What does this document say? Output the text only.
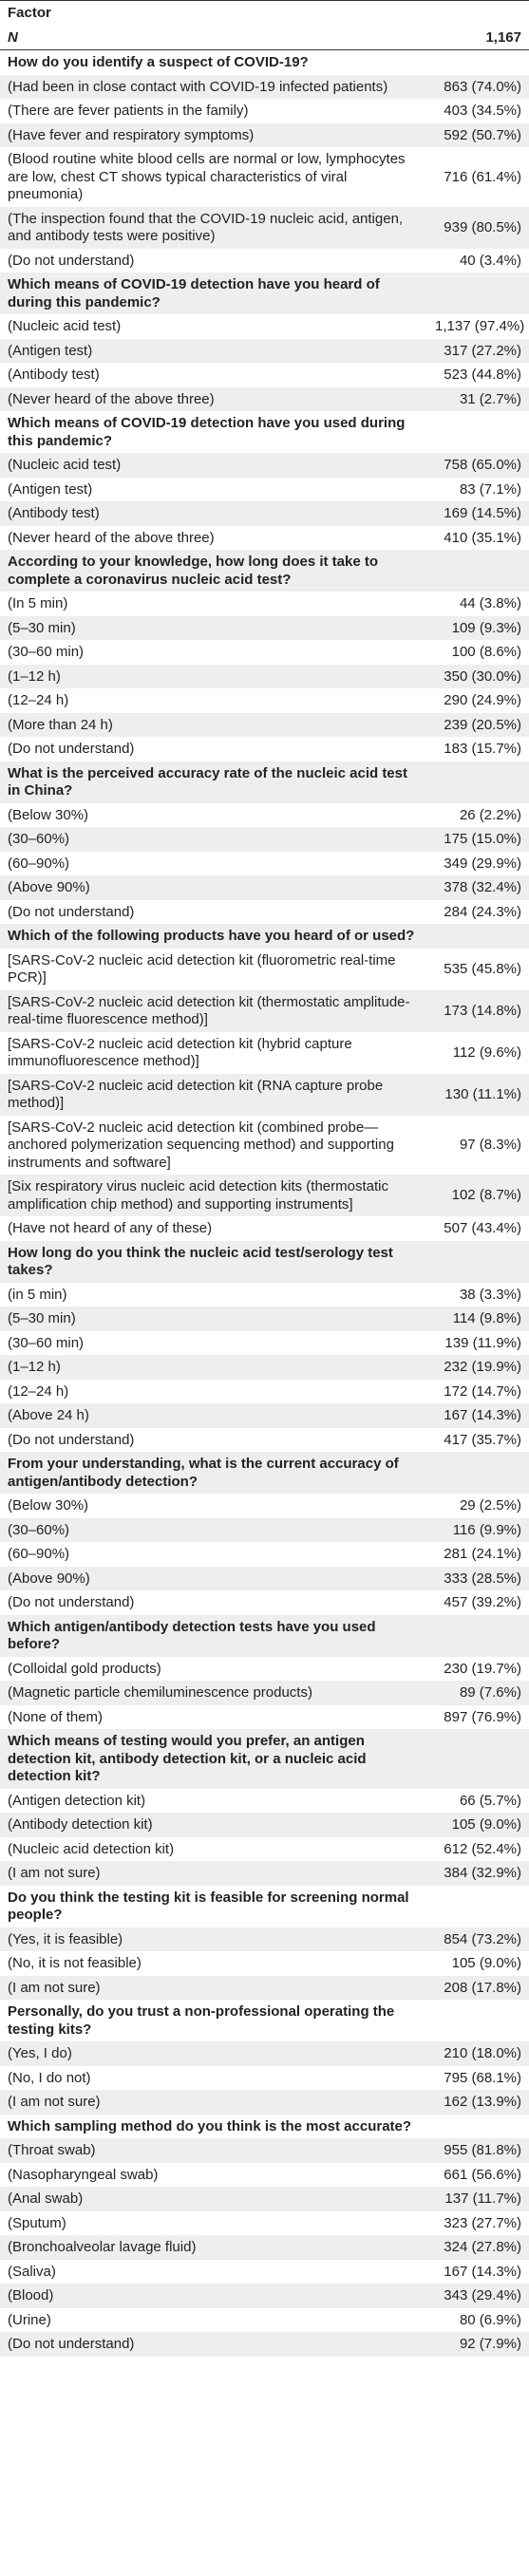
Factor	
N	1,167
How do you identify a suspect of COVID-19?	
(Had been in close contact with COVID-19 infected patients)	863 (74.0%)
(There are fever patients in the family)	403 (34.5%)
(Have fever and respiratory symptoms)	592 (50.7%)
(Blood routine white blood cells are normal or low, lymphocytes are low, chest CT shows typical characteristics of viral pneumonia)	716 (61.4%)
(The inspection found that the COVID-19 nucleic acid, antigen, and antibody tests were positive)	939 (80.5%)
(Do not understand)	40 (3.4%)
Which means of COVID-19 detection have you heard of during this pandemic?	
(Nucleic acid test)	1,137 (97.4%)
(Antigen test)	317 (27.2%)
(Antibody test)	523 (44.8%)
(Never heard of the above three)	31 (2.7%)
Which means of COVID-19 detection have you used during this pandemic?	
(Nucleic acid test)	758 (65.0%)
(Antigen test)	83 (7.1%)
(Antibody test)	169 (14.5%)
(Never heard of the above three)	410 (35.1%)
According to your knowledge, how long does it take to complete a coronavirus nucleic acid test?	
(In 5 min)	44 (3.8%)
(5–30 min)	109 (9.3%)
(30–60 min)	100 (8.6%)
(1–12 h)	350 (30.0%)
(12–24 h)	290 (24.9%)
(More than 24 h)	239 (20.5%)
(Do not understand)	183 (15.7%)
What is the perceived accuracy rate of the nucleic acid test in China?	
(Below 30%)	26 (2.2%)
(30–60%)	175 (15.0%)
(60–90%)	349 (29.9%)
(Above 90%)	378 (32.4%)
(Do not understand)	284 (24.3%)
Which of the following products have you heard of or used?	
[SARS-CoV-2 nucleic acid detection kit (fluorometric real-time PCR)]	535 (45.8%)
[SARS-CoV-2 nucleic acid detection kit (thermostatic amplitude-real-time fluorescence method)]	173 (14.8%)
[SARS-CoV-2 nucleic acid detection kit (hybrid capture immunofluorescence method)]	112 (9.6%)
[SARS-CoV-2 nucleic acid detection kit (RNA capture probe method)]	130 (11.1%)
[SARS-CoV-2 nucleic acid detection kit (combined probe—anchored polymerization sequencing method) and supporting instruments and software]	97 (8.3%)
[Six respiratory virus nucleic acid detection kits (thermostatic amplification chip method) and supporting instruments]	102 (8.7%)
(Have not heard of any of these)	507 (43.4%)
How long do you think the nucleic acid test/serology test takes?	
(in 5 min)	38 (3.3%)
(5–30 min)	114 (9.8%)
(30–60 min)	139 (11.9%)
(1–12 h)	232 (19.9%)
(12–24 h)	172 (14.7%)
(Above 24 h)	167 (14.3%)
(Do not understand)	417 (35.7%)
From your understanding, what is the current accuracy of antigen/antibody detection?	
(Below 30%)	29 (2.5%)
(30–60%)	116 (9.9%)
(60–90%)	281 (24.1%)
(Above 90%)	333 (28.5%)
(Do not understand)	457 (39.2%)
Which antigen/antibody detection tests have you used before?	
(Colloidal gold products)	230 (19.7%)
(Magnetic particle chemiluminescence products)	89 (7.6%)
(None of them)	897 (76.9%)
Which means of testing would you prefer, an antigen detection kit, antibody detection kit, or a nucleic acid detection kit?	
(Antigen detection kit)	66 (5.7%)
(Antibody detection kit)	105 (9.0%)
(Nucleic acid detection kit)	612 (52.4%)
(I am not sure)	384 (32.9%)
Do you think the testing kit is feasible for screening normal people?	
(Yes, it is feasible)	854 (73.2%)
(No, it is not feasible)	105 (9.0%)
(I am not sure)	208 (17.8%)
Personally, do you trust a non-professional operating the testing kits?	
(Yes, I do)	210 (18.0%)
(No, I do not)	795 (68.1%)
(I am not sure)	162 (13.9%)
Which sampling method do you think is the most accurate?	
(Throat swab)	955 (81.8%)
(Nasopharyngeal swab)	661 (56.6%)
(Anal swab)	137 (11.7%)
(Sputum)	323 (27.7%)
(Bronchoalveolar lavage fluid)	324 (27.8%)
(Saliva)	167 (14.3%)
(Blood)	343 (29.4%)
(Urine)	80 (6.9%)
(Do not understand)	92 (7.9%)
